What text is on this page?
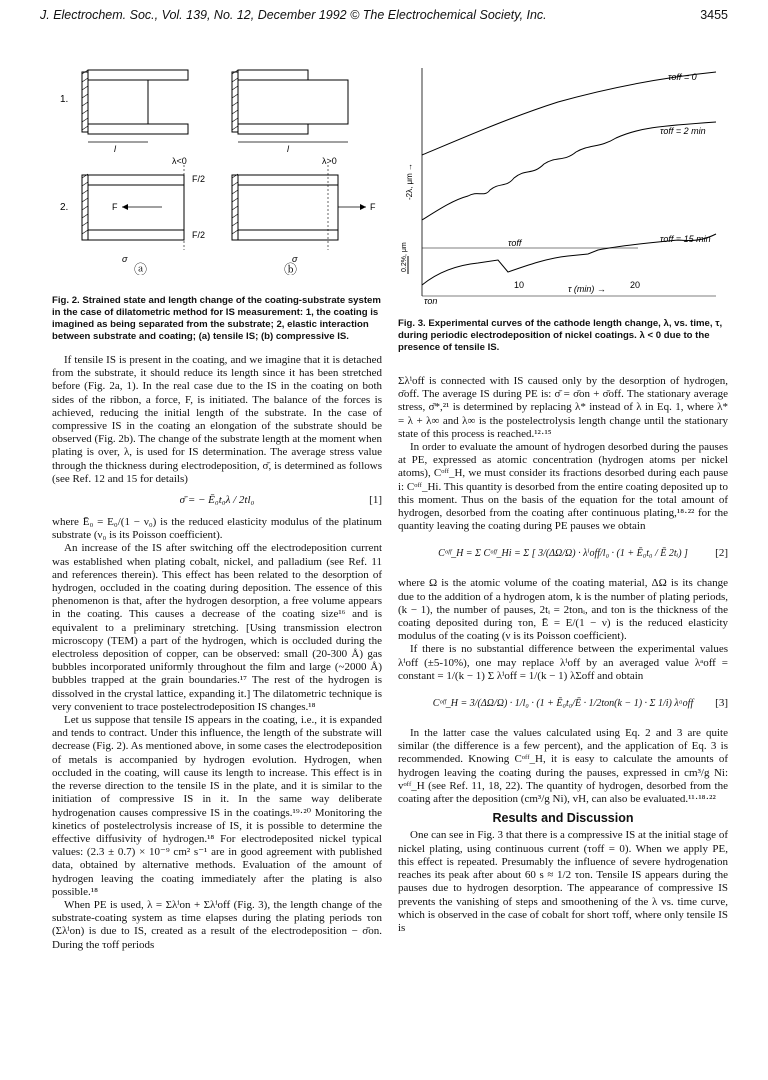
J. Electrochem. Soc., Vol. 139, No. 12, December 1992 © The Electrochemical Society, Inc.	3455
l	l
1.
λ<0	λ>0
F
F/2
F/2
σ
F
σ
2.
ⓐ	ⓑ
Fig. 2. Strained state and length change of the coating-substrate system in the case of dilatometric method for IS measurement: 1, the coating is imagined as being separated from the substrate; 2, elastic interaction between substrate and coating; (a) tensile IS; (b) compressive IS.
τoff = 0
τoff = 2 min
τoff = 15 min
τoff
τon
-2λ, μm →
0.2%, μm
10	20
τ (min) →
Fig. 3. Experimental curves of the cathode length change, λ, vs. time, τ, during periodic electrodeposition of nickel coatings. λ < 0 due to the presence of tensile IS.

If tensile IS is present in the coating, and we imagine that it is detached from the substrate, it should reduce its length since it has been stretched before (Fig. 2a, 1). In the real case due to the IS in the coating on both sides of the ribbon, a force, F, is initiated. The balance of the forces is achieved, reducing the initial length of the substrate. In the case of compressive IS in the coating an elongation of the substrate should be observed (Fig. 2b). The change of the substrate length at the moment when plating is over, λ, is used for IS determination. The average stress value through the thickness during electrodeposition, σ̄, is determined as follows (see Ref. 12 and 15 for details)

σ̄ = − Ē₀t₀λ / 2tl₀	[1]

where Ē₀ = E₀/(1 − ν₀) is the reduced elasticity modulus of the platinum substrate (ν₀ is its Poisson coefficient).

An increase of the IS after switching off the electrodeposition current was established when plating cobalt, nickel, and palladium (see Ref. 11 and references therein). This effect has been related to the desorption of hydrogen, occluded in the coating during deposition. The essence of this phenomenon is that, after the hydrogen desorption, a free volume appears in the coating. This causes a decrease of the coating size¹⁶ and is equivalent to a preliminary stretching. [Using transmission electron microscopy (TEM) a part of the hydrogen, which is occluded during the electroless deposition of copper, can be observed: small (20-300 Å) gas bubbles incorporated uniformly throughout the film and large (~2000 Å) bubbles trapped at the grain boundaries.¹⁷ The rest of the hydrogen is dissolved in the crystal lattice, expanding it.] The dilatometric technique is very convenient to trace postelectrodeposition IS changes.¹⁸

Let us suppose that tensile IS appears in the coating, i.e., it is expanded and tends to contract. Under this influence, the length of the substrate will decrease (Fig. 2). As mentioned above, in some cases the electrodeposition of metals is accompanied by hydrogen evolution. Hydrogen, when occluded in the coating, will cause its length to increase. This effect is in the reverse direction to the tensile IS in the plate, and it is similar to the initiation of compressive IS in it. In the same way deliberate hydrogenation causes compressive IS in the coatings.¹⁹·²⁰ Monitoring the kinetics of postelectrolysis increase of IS, it is possible to determine the effective diffusivity of hydrogen.¹⁸ For electrodeposited nickel typical values: (2.3 ± 0.7) × 10⁻⁹ cm² s⁻¹ are in good agreement with published data, obtained by alternative methods. Evaluation of the amount of hydrogen leaving the coating immediately after the plating is also possible.¹⁸

When PE is used, λ = Σλⁱon + Σλⁱoff (Fig. 3), the length change of the substrate-coating system as time elapses during the plating periods τon (Σλⁱon) is due to IS, created as a result of the electrodeposition − σ̄on. During the τoff periods

Σλⁱoff is connected with IS caused only by the desorption of hydrogen, σ̄off. The average IS during PE is: σ̄ = σ̄on + σ̄off. The stationary average stress, σ̄*,²¹ is determined by replacing λ* instead of λ in Eq. 1, where λ* = λ + λ∞ and λ∞ is the postelectrolysis length change until the stationary state of this process is reached.¹²·¹⁵

In order to evaluate the amount of hydrogen desorbed during the pauses at PE, expressed as atomic concentration (hydrogen atoms per nickel atoms), Cᵒᶠᶠ_H, we must consider its fractions desorbed during each pause i: Cᵒᶠᶠ_Hi. This quantity is desorbed from the entire coating deposited up to this moment. Thus on the basis of the equation for the total amount of hydrogen, desorbed from the coating after continuous plating,¹⁸·²² for the quantity leaving the coating during PE pauses we obtain

Cᵒᶠᶠ_H = Σ Cᵒᶠᶠ_Hi = Σ [ 3/(ΔΩ/Ω) · λⁱoff/l₀ · (1 + Ē₀t₀ / Ē 2tᵢ) ] [2]

where Ω is the atomic volume of the coating material, ΔΩ is its change due to the addition of a hydrogen atom, k is the number of plating periods, (k − 1), the number of pauses, 2tᵢ = 2tonᵢ, and ton is the thickness of the coating deposited during τon, Ē = E/(1 − ν) is the reduced elasticity modulus of the coating (ν is its Poisson coefficient).

If there is no substantial difference between the experimental values λⁱoff (±5-10%), one may replace λⁱoff by an averaged value λᵃoff = constant = 1/(k − 1) Σ λⁱoff = 1/(k − 1) λΣoff and obtain

Cᵒᶠᶠ_H = 3/(ΔΩ/Ω) · 1/l₀ · (1 + Ē₀t₀/Ē · 1/2ton(k − 1) · Σ 1/i) λᵃoff [3]

In the latter case the values calculated using Eq. 2 and 3 are quite similar (the difference is a few percent), and the application of Eq. 3 is recommended. Knowing Cᵒᶠᶠ_H, it is easy to calculate the amounts of hydrogen leaving the coating during the pauses, expressed in cm³/g Ni: vᵒᶠᶠ_H (see Ref. 11, 18, 22). The quantity of hydrogen, desorbed from the coating after the deposition (cm³/g Ni), vH, can also be evaluated.¹¹·¹⁸·²²

Results and Discussion

One can see in Fig. 3 that there is a compressive IS at the initial stage of nickel plating, using continuous current (τoff = 0). When we apply PE, this effect is repeated. Presumably the influence of severe hydrogenation reaches its peak after about 60 s ≈ 1/2 τon. Tensile IS appears during the pauses due to hydrogen desorption. The appearance of compressive IS prevents the vanishing of steps and smoothening of the λ vs. time curve, which is observed in the case of cobalt for short τoff, where only tensile IS is
